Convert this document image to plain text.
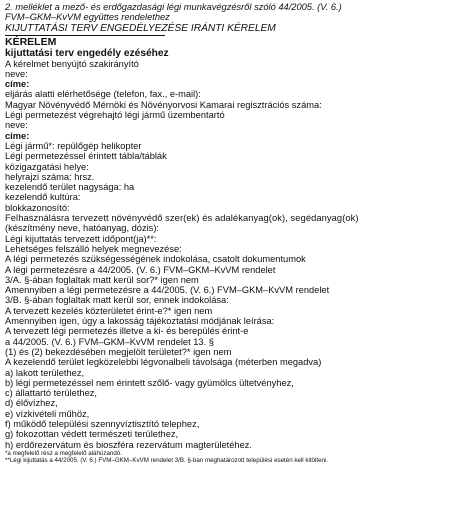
2. melléklet a mező- és erdőgazdasági légi munkavégzésről szóló 44/2005. (V. 6.)
FVM–GKM–KvVM együttes rendelethez
KIJUTTATÁSI TERV ENGEDÉLYEZÉSE IRÁNTI KÉRELEM
KÉRELEM
kijuttatási terv engedély ezéséhez
A kérelmet benyújtó szakirányító
neve:
címe:
eljárás alatti elérhetősége (telefon, fax., e-mail):
Magyar Növényvédő Mérnöki és Növényorvosi Kamarai regisztrációs száma:
Légi permetezést végrehajtó légi jármű üzembentartó
neve:
címe:
Légi jármű*: repülőgép helikopter
Légi permetezéssel érintett tábla/táblák
közigazgatási helye:
helyrajzi száma: hrsz.
kezelendő terület nagysága: ha
kezelendő kultúra:
blokkazonosító:
Felhasználásra tervezett növényvédő szer(ek) és adalékanyag(ok), segédanyag(ok)
(készítmény neve, hatóanyag, dózis):
Légi kijuttatás tervezett időpont(ja)**:
Lehetséges felszálló helyek megnevezése:
A légi permetezés szükségességének indokolása, csatolt dokumentumok
A légi permetezésre a 44/2005. (V. 6.) FVM–GKM–KvVM rendelet
3/A. §-ában foglaltak matt kerül sor?* igen nem
Amennyiben a légi permetezésre a 44/2005. (V. 6.) FVM–GKM–KvVM rendelet
3/B. §-ában foglaltak matt kerül sor, ennek indokolása:
A tervezett kezelés közterületet érint-e?* igen nem
Amennyiben igen, úgy a lakosság tájékoztatási módjának leírása:
A tervezett légi permetezés illetve a ki- és berepülés érint-e
a 44/2005. (V. 6.) FVM–GKM–KvVM rendelet 13. §
(1) és (2) bekezdésében megjelölt területet?* igen nem
A kezelendő terület legközelebbi légvonalbeli távolsága (méterben megadva)
a) lakott területhez,
b) légi permetezéssel nem érintett szőlő- vagy gyümölcs ültetvényhez,
c) állattartó területhez,
d) élővízhez,
e) vízkivételi műhöz,
f) működő települési szennyvíztisztító telephez,
g) fokozottan védett természeti területhez,
h) erdőrezervátum és bioszféra rezervátum magterületéhez.
*a megfelelő rész a megfelelő aláhúzandó.
**Légi kijuttatás a 44/2005. (V. 6.) FVM–GKM–KvVM rendelet 3/B. §-ban meghatározott települési esetén kell kitölteni.
